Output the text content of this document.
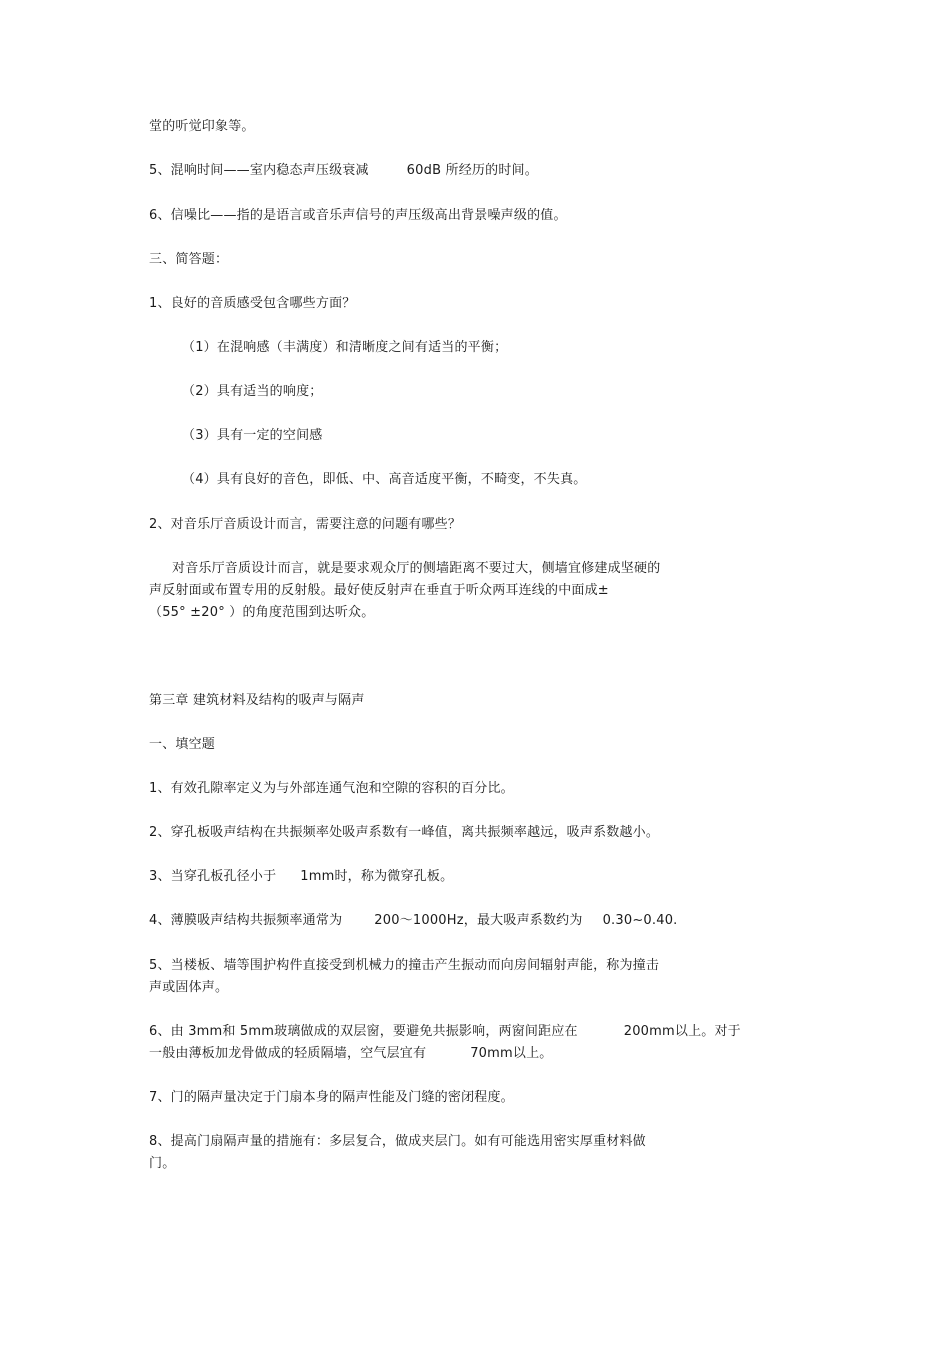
堂的听觉印象等。
5、混响时间——室内稳态声压级衰减	60dB 所经历的时间。
6、信噪比——指的是语言或音乐声信号的声压级高出背景噪声级的值。
三、简答题：
1、良好的音质感受包含哪些方面？
（1）在混响感（丰满度）和清晰度之间有适当的平衡；
（2）具有适当的响度；
（3）具有一定的空间感
（4）具有良好的音色，即低、中、高音适度平衡，不畸变，不失真。
2、对音乐厅音质设计而言，需要注意的问题有哪些？
对音乐厅音质设计而言，就是要求观众厅的侧墙距离不要过大，侧墙宜修建成坚硬的
声反射面或布置专用的反射般。最好使反射声在垂直于听众两耳连线的中面成±
（55° ±20° ）的角度范围到达听众。
第三章 建筑材料及结构的吸声与隔声
一、填空题
1、有效孔隙率定义为与外部连通气泡和空隙的容积的百分比。
2、穿孔板吸声结构在共振频率处吸声系数有一峰值，离共振频率越远，吸声系数越小。
3、当穿孔板孔径小于 1mm时，称为微穿孔板。
4、薄膜吸声结构共振频率通常为 200～1000Hz，最大吸声系数约为 0.30~0.40.
5、当楼板、墙等围护构件直接受到机械力的撞击产生振动而向房间辐射声能，称为撞击
声或固体声。
6、由 3mm和 5mm玻璃做成的双层窗，要避免共振影响，两窗间距应在	200mm以上。对于
一般由薄板加龙骨做成的轻质隔墙，空气层宜有	70mm以上。
7、门的隔声量决定于门扇本身的隔声性能及门缝的密闭程度。
8、提高门扇隔声量的措施有：多层复合，做成夹层门。如有可能选用密实厚重材料做
门。
